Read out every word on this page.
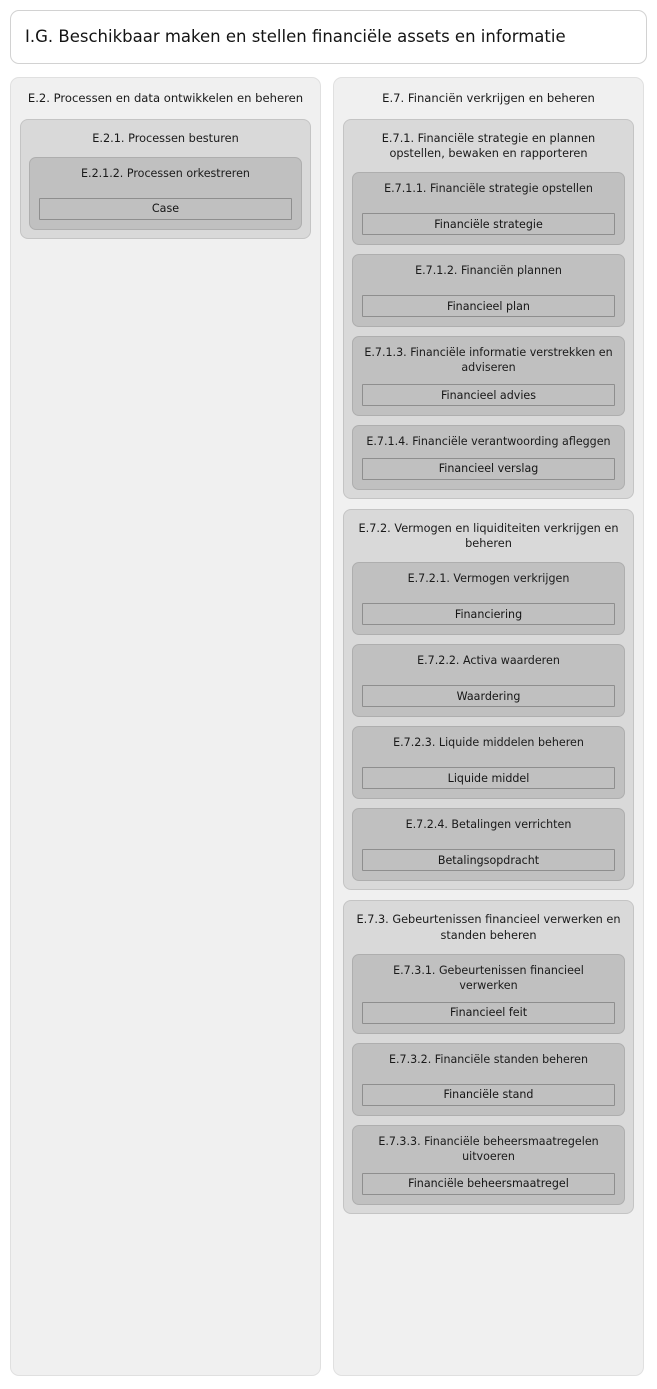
I.G. Beschikbaar maken en stellen financiële assets en informatie
E.2. Processen en data ontwikkelen en beheren
E.2.1. Processen besturen
E.2.1.2. Processen orkestreren
Case
E.7. Financiën verkrijgen en beheren
E.7.1. Financiële strategie en plannen opstellen, bewaken en rapporteren
E.7.1.1. Financiële strategie opstellen
Financiële strategie
E.7.1.2. Financiën plannen
Financieel plan
E.7.1.3. Financiële informatie verstrekken en adviseren
Financieel advies
E.7.1.4. Financiële verantwoording afleggen
Financieel verslag
E.7.2. Vermogen en liquiditeiten verkrijgen en beheren
E.7.2.1. Vermogen verkrijgen
Financiering
E.7.2.2. Activa waarderen
Waardering
E.7.2.3. Liquide middelen beheren
Liquide middel
E.7.2.4. Betalingen verrichten
Betalingsopdracht
E.7.3. Gebeurtenissen financieel verwerken en standen beheren
E.7.3.1. Gebeurtenissen financieel verwerken
Financieel feit
E.7.3.2. Financiële standen beheren
Financiële stand
E.7.3.3. Financiële beheersmaatregelen uitvoeren
Financiële beheersmaatregel
